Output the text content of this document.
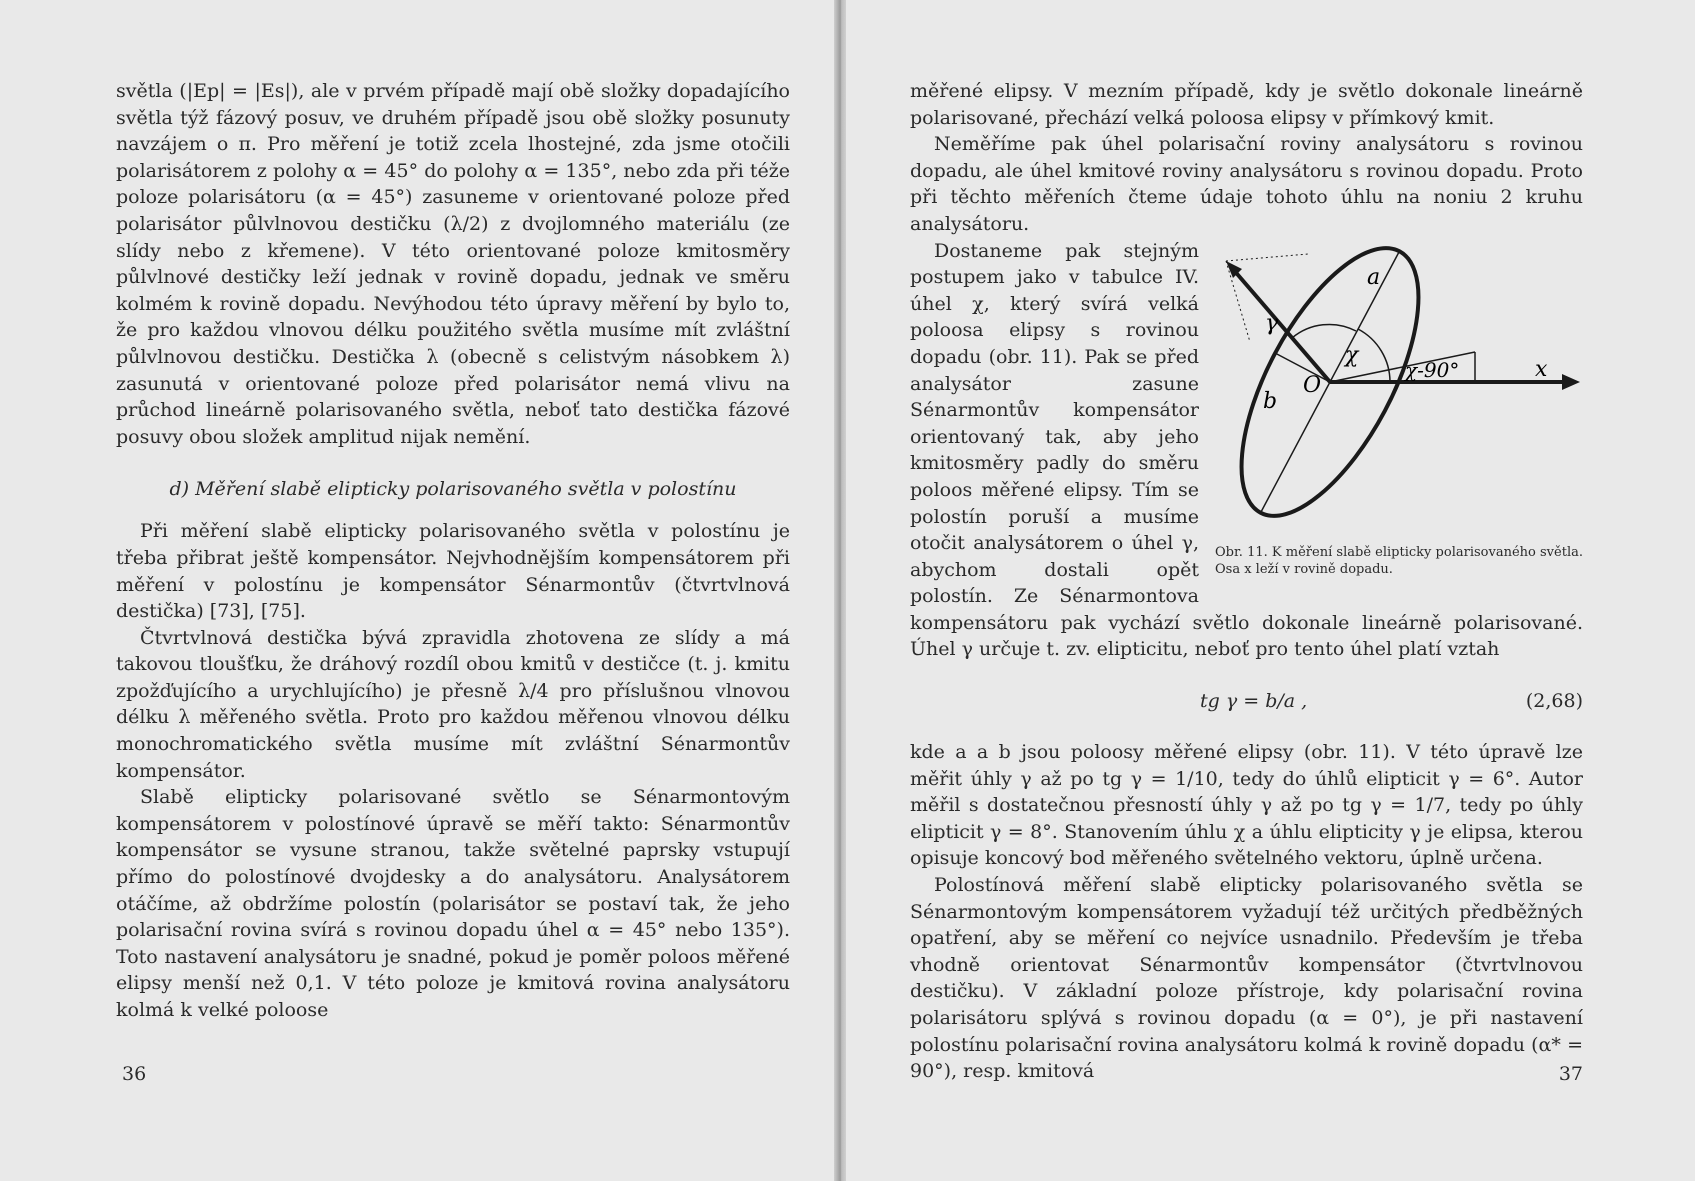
světla (|Ep| = |Es|), ale v prvém případě mají obě složky dopadajícího světla týž fázový posuv, ve druhém případě jsou obě složky posunuty navzájem o π. Pro měření je totiž zcela lhostejné, zda jsme otočili polarisátorem z polohy α = 45° do polohy α = 135°, nebo zda při téže poloze polarisátoru (α = 45°) zasuneme v orientované poloze před polarisátor půlvlnovou destičku (λ/2) z dvojlomného materiálu (ze slídy nebo z křemene). V této orientované poloze kmitosměry půlvlnové destičky leží jednak v rovině dopadu, jednak ve směru kolmém k rovině dopadu. Nevýhodou této úpravy měření by bylo to, že pro každou vlnovou délku použitého světla musíme mít zvláštní půlvlnovou destičku. Destička λ (obecně s celistvým násobkem λ) zasunutá v orientované poloze před polarisátor nemá vlivu na průchod lineárně polarisovaného světla, neboť tato destička fázové posuvy obou složek amplitud nijak nemění.

d) Měření slabě elipticky polarisovaného světla v polostínu

Při měření slabě elipticky polarisovaného světla v polostínu je třeba přibrat ještě kompensátor. Nejvhodnějším kompensátorem při měření v polostínu je kompensátor Sénarmontův (čtvrtvlnová destička) [73], [75].

Čtvrtvlnová destička bývá zpravidla zhotovena ze slídy a má takovou tloušťku, že dráhový rozdíl obou kmitů v destičce (t. j. kmitu zpožďujícího a urychlujícího) je přesně λ/4 pro příslušnou vlnovou délku λ měřeného světla. Proto pro každou měřenou vlnovou délku monochromatického světla musíme mít zvláštní Sénarmontův kompensátor.

Slabě elipticky polarisované světlo se Sénarmontovým kompensátorem v polostínové úpravě se měří takto: Sénarmontův kompensátor se vysune stranou, takže světelné paprsky vstupují přímo do polostínové dvojdesky a do analysátoru. Analysátorem otáčíme, až obdržíme polostín (polarisátor se postaví tak, že jeho polarisační rovina svírá s rovinou dopadu úhel α = 45° nebo 135°). Toto nastavení analysátoru je snadné, pokud je poměr poloos měřené elipsy menší než 0,1. V této poloze je kmitová rovina analysátoru kolmá k velké poloose

36

měřené elipsy. V mezním případě, kdy je světlo dokonale lineárně polarisované, přechází velká poloosa elipsy v přímkový kmit.

Neměříme pak úhel polarisační roviny analysátoru s rovinou dopadu, ale úhel kmitové roviny analysátoru s rovinou dopadu. Proto při těchto měřeních čteme údaje tohoto úhlu na noniu 2 kruhu analysátoru.

O
a
b
γ
χ
χ-90°	x
Obr. 11. K měření slabě elipticky polarisovaného světla. Osa x leží v rovině dopadu.

Dostaneme pak stejným postupem jako v tabulce IV. úhel χ, který svírá velká poloosa elipsy s rovinou dopadu (obr. 11). Pak se před analysátor zasune Sénarmontův kompensátor orientovaný tak, aby jeho kmitosměry padly do směru poloos měřené elipsy. Tím se polostín poruší a musíme otočit analysátorem o úhel γ, abychom dostali opět polostín. Ze Sénarmontova kompensátoru pak vychází světlo dokonale lineárně polarisované. Úhel γ určuje t. zv. elipticitu, neboť pro tento úhel platí vztah

tg γ = b/a ,	(2,68)

kde a a b jsou poloosy měřené elipsy (obr. 11). V této úpravě lze měřit úhly γ až po tg γ = 1/10, tedy do úhlů elipticit γ = 6°. Autor měřil s dostatečnou přesností úhly γ až po tg γ = 1/7, tedy po úhly elipticit γ = 8°. Stanovením úhlu χ a úhlu elipticity γ je elipsa, kterou opisuje koncový bod měřeného světelného vektoru, úplně určena.

Polostínová měření slabě elipticky polarisovaného světla se Sénarmontovým kompensátorem vyžadují též určitých předběžných opatření, aby se měření co nejvíce usnadnilo. Především je třeba vhodně orientovat Sénarmontův kompensátor (čtvrtvlnovou destičku). V základní poloze přístroje, kdy polarisační rovina polarisátoru splývá s rovinou dopadu (α = 0°), je při nastavení polostínu polarisační rovina analysátoru kolmá k rovině dopadu (α* = 90°), resp. kmitová	37
